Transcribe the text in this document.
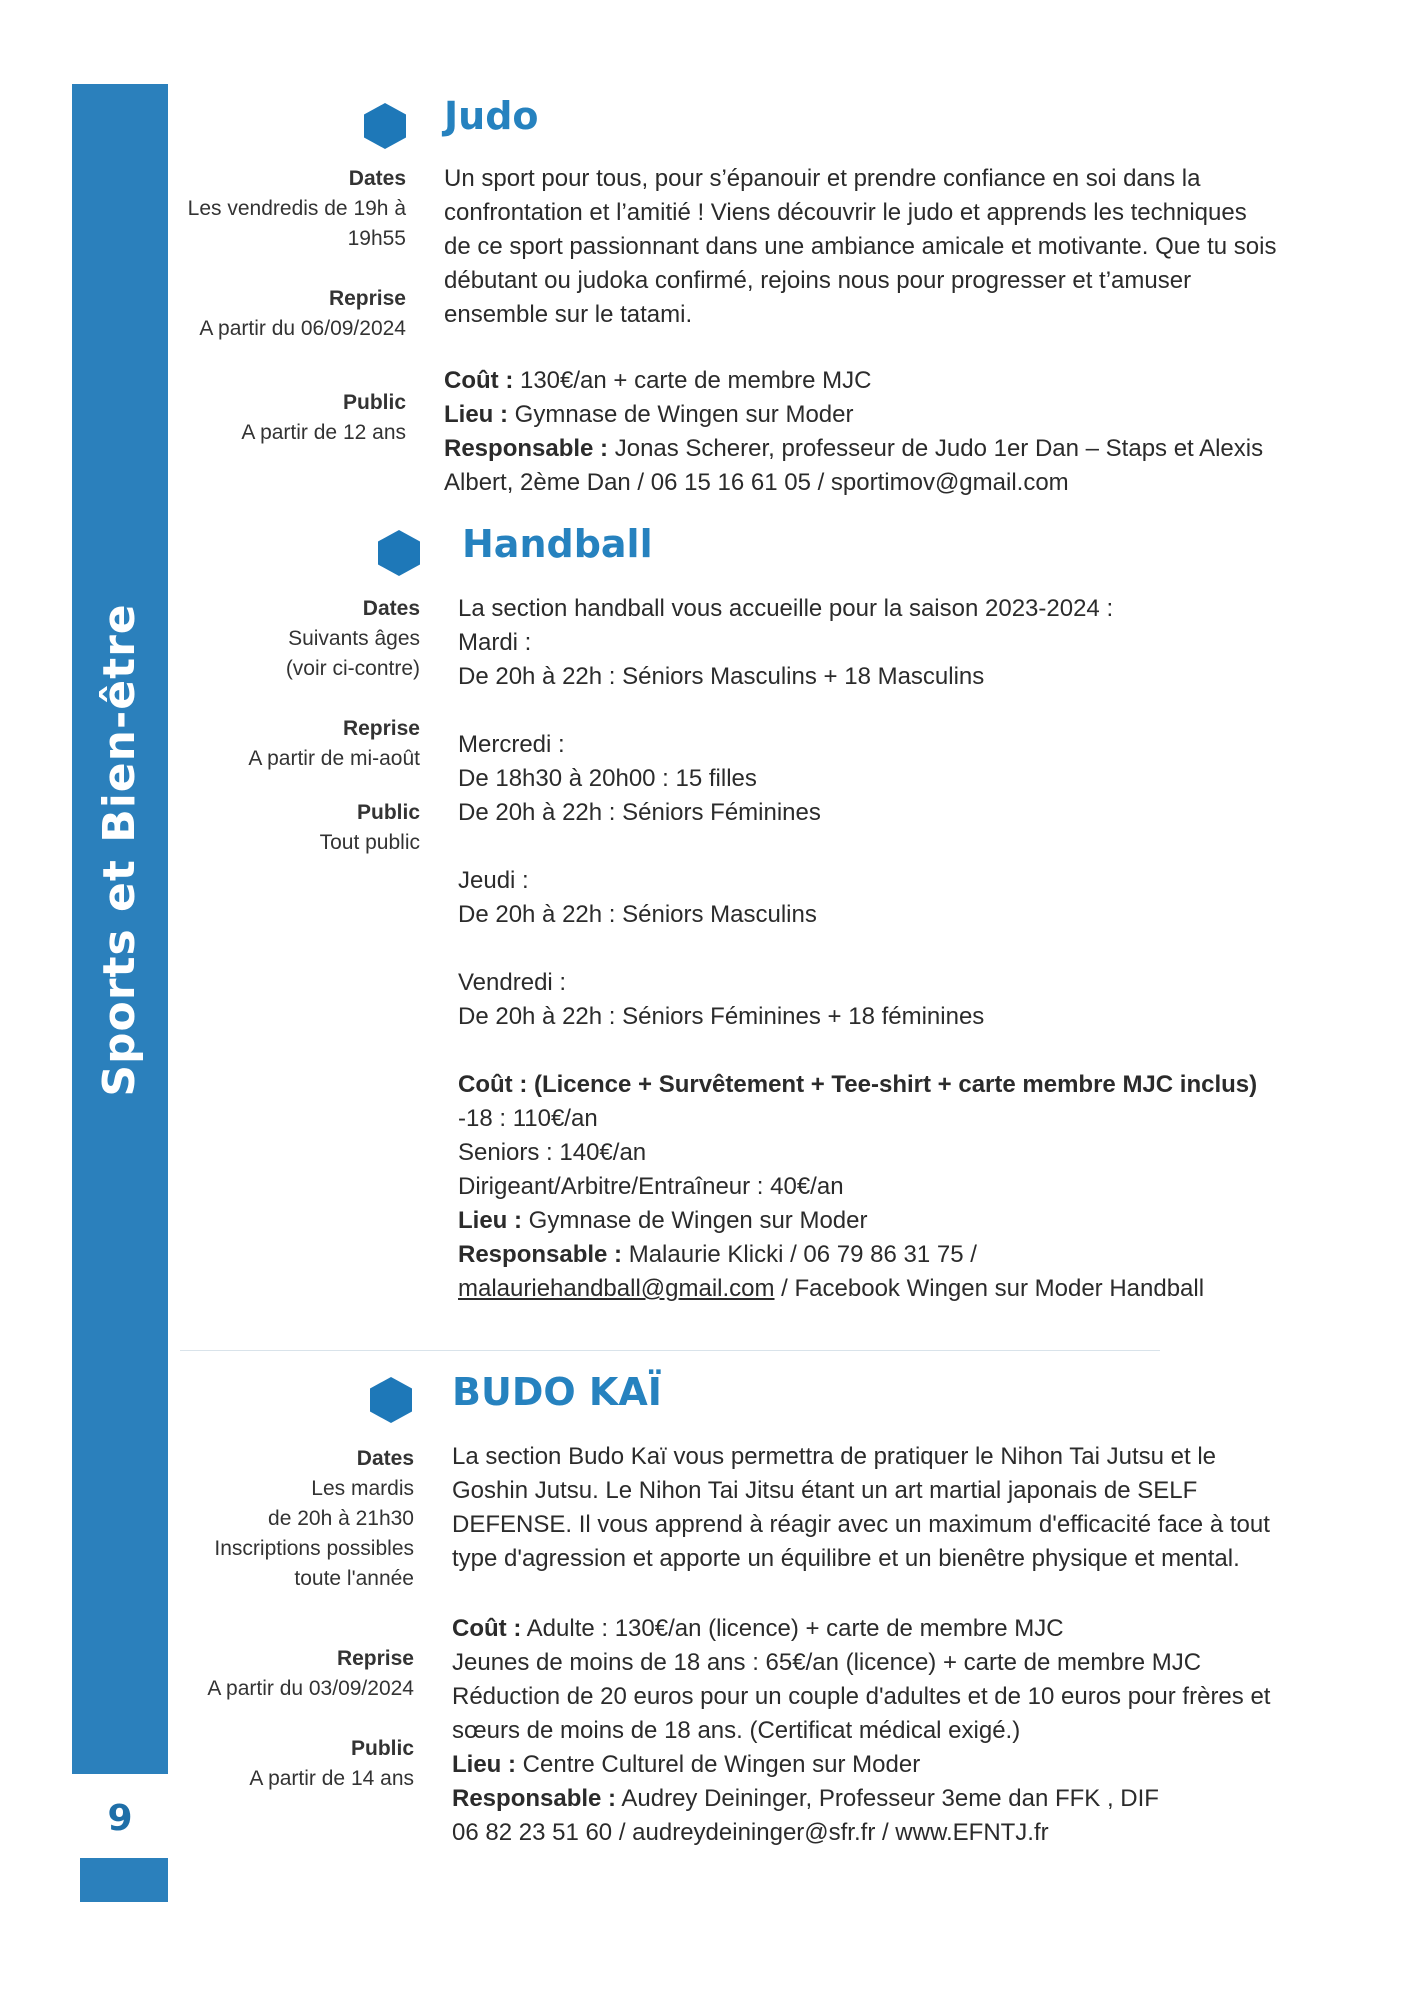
Sports et Bien-être
9
Judo
Dates
Les vendredis de 19h à
19h55
Reprise
A partir du 06/09/2024
Public
A partir de 12 ans

Un sport pour tous, pour s’épanouir et prendre confiance en soi dans la

confrontation et l’amitié ! Viens découvrir le judo et apprends les techniques

de ce sport passionnant dans une ambiance amicale et motivante. Que tu sois

débutant ou judoka confirmé, rejoins nous pour progresser et t’amuser

ensemble sur le tatami.

Coût : 130€/an + carte de membre MJC

Lieu : Gymnase de Wingen sur Moder

Responsable : Jonas Scherer, professeur de Judo 1er Dan – Staps et Alexis

Albert, 2ème Dan / 06 15 16 61 05 / sportimov@gmail.com

Handball
Dates
Suivants âges
(voir ci-contre)
Reprise
A partir de mi-août
Public
Tout public

La section handball vous accueille pour la saison 2023-2024 :

Mardi :

De 20h à 22h : Séniors Masculins + 18 Masculins

Mercredi :

De 18h30 à 20h00 : 15 filles

De 20h à 22h : Séniors Féminines

Jeudi :

De 20h à 22h : Séniors Masculins

Vendredi :

De 20h à 22h : Séniors Féminines + 18 féminines

Coût : (Licence + Survêtement + Tee-shirt + carte membre MJC inclus)

-18 : 110€/an

Seniors : 140€/an

Dirigeant/Arbitre/Entraîneur : 40€/an

Lieu : Gymnase de Wingen sur Moder

Responsable : Malaurie Klicki / 06 79 86 31 75 /

malauriehandball@gmail.com / Facebook Wingen sur Moder Handball

BUDO KAÏ
Dates
Les mardis
de 20h à 21h30
Inscriptions possibles
toute l'année
Reprise
A partir du 03/09/2024
Public
A partir de 14 ans

La section Budo Kaï vous permettra de pratiquer le Nihon Tai Jutsu et le

Goshin Jutsu. Le Nihon Tai Jitsu étant un art martial japonais de SELF

DEFENSE. Il vous apprend à réagir avec un maximum d'efficacité face à tout

type d'agression et apporte un équilibre et un bienêtre physique et mental.

Coût : Adulte : 130€/an (licence) + carte de membre MJC

Jeunes de moins de 18 ans : 65€/an (licence) + carte de membre MJC

Réduction de 20 euros pour un couple d'adultes et de 10 euros pour frères et

sœurs de moins de 18 ans. (Certificat médical exigé.)

Lieu : Centre Culturel de Wingen sur Moder

Responsable : Audrey Deininger, Professeur 3eme dan FFK , DIF

06 82 23 51 60 / audreydeininger@sfr.fr / www.EFNTJ.fr
